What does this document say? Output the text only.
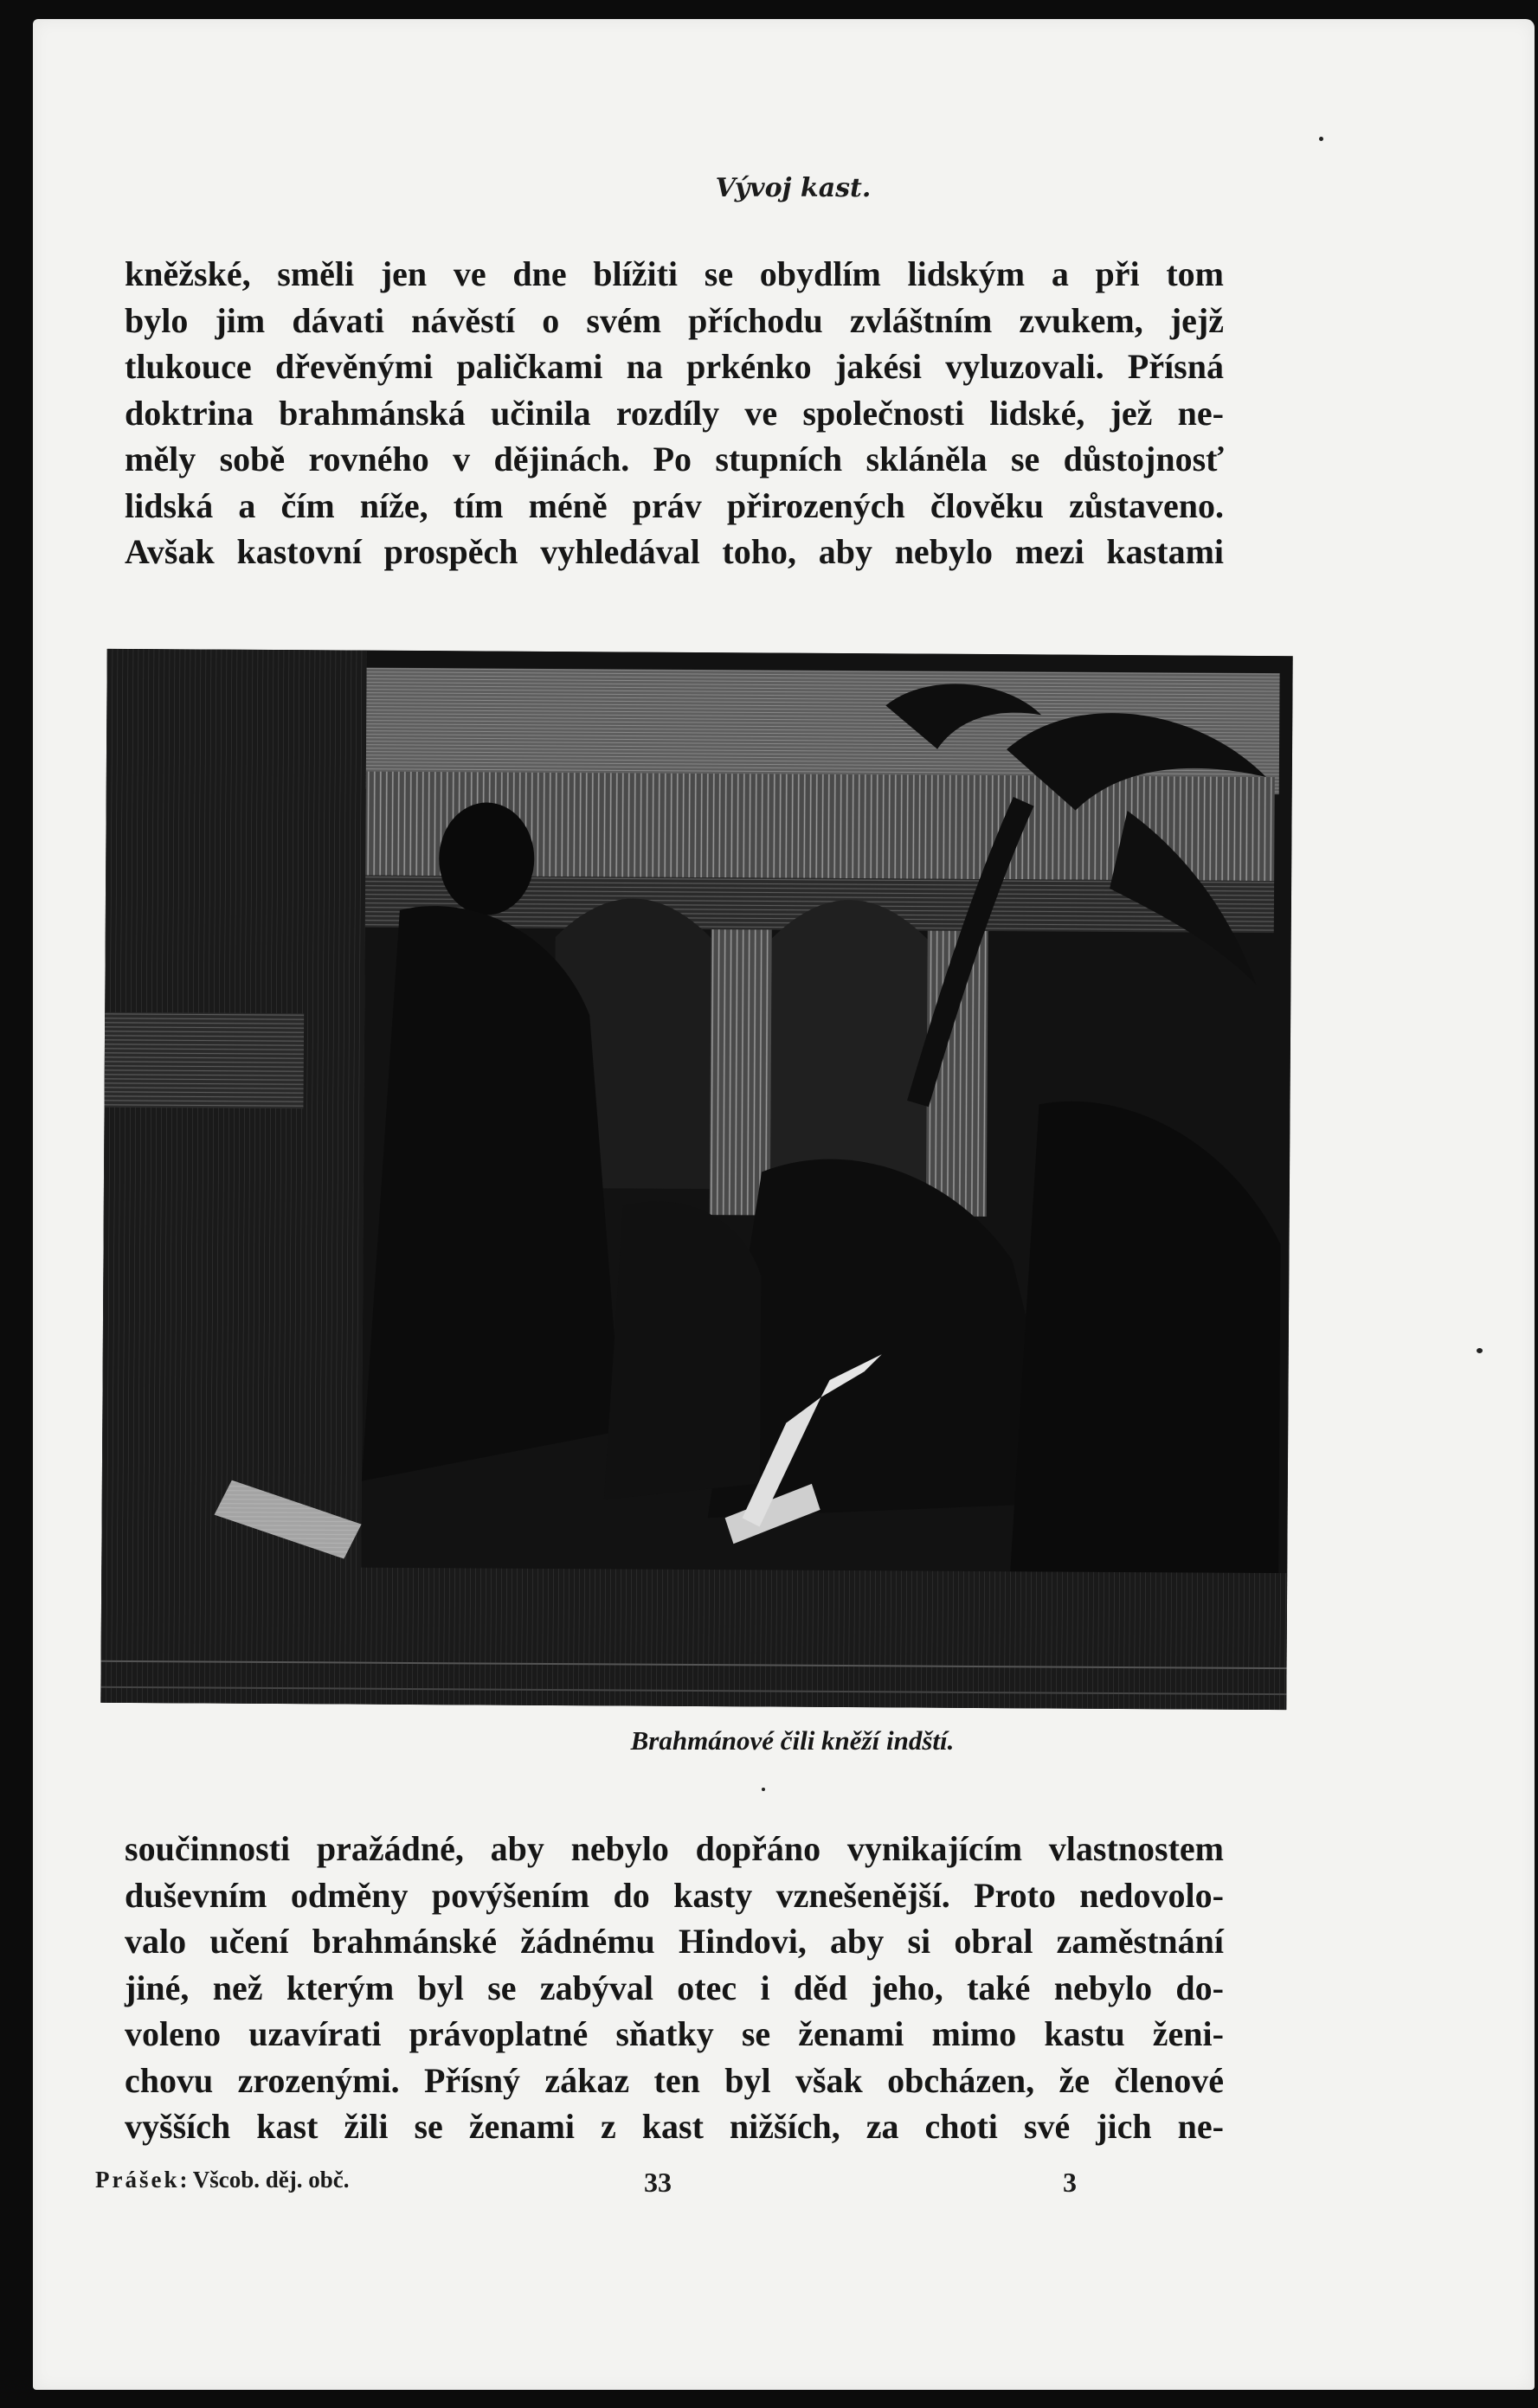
Vývoj kast.

kněžské, směli jen ve dne blížiti se obydlím lidským a při tom
bylo jim dávati návěstí o svém příchodu zvláštním zvukem, jejž
tlukouce dřevěnými paličkami na prkénko jakési vyluzovali. Přísná
doktrina brahmánská učinila rozdíly ve společnosti lidské, jež ne-
měly sobě rovného v dějinách. Po stupních skláněla se důstojnosť
lidská a čím níže, tím méně práv přirozených člověku zůstaveno.
Avšak kastovní prospěch vyhledával toho, aby nebylo mezi kastami

Brahmánové čili kněží indští.

součinnosti pražádné, aby nebylo dopřáno vynikajícím vlastnostem
duševním odměny povýšením do kasty vznešenější. Proto nedovolo-
valo učení brahmánské žádnému Hindovi, aby si obral zaměstnání
jiné, než kterým byl se zabýval otec i děd jeho, také nebylo do-
voleno uzavírati právoplatné sňatky se ženami mimo kastu ženi-
chovu zrozenými. Přísný zákaz ten byl však obcházen, že členové
vyšších kast žili se ženami z kast nižších, za choti své jich ne-

Prášek: Všcob. děj. obč.	33	3
